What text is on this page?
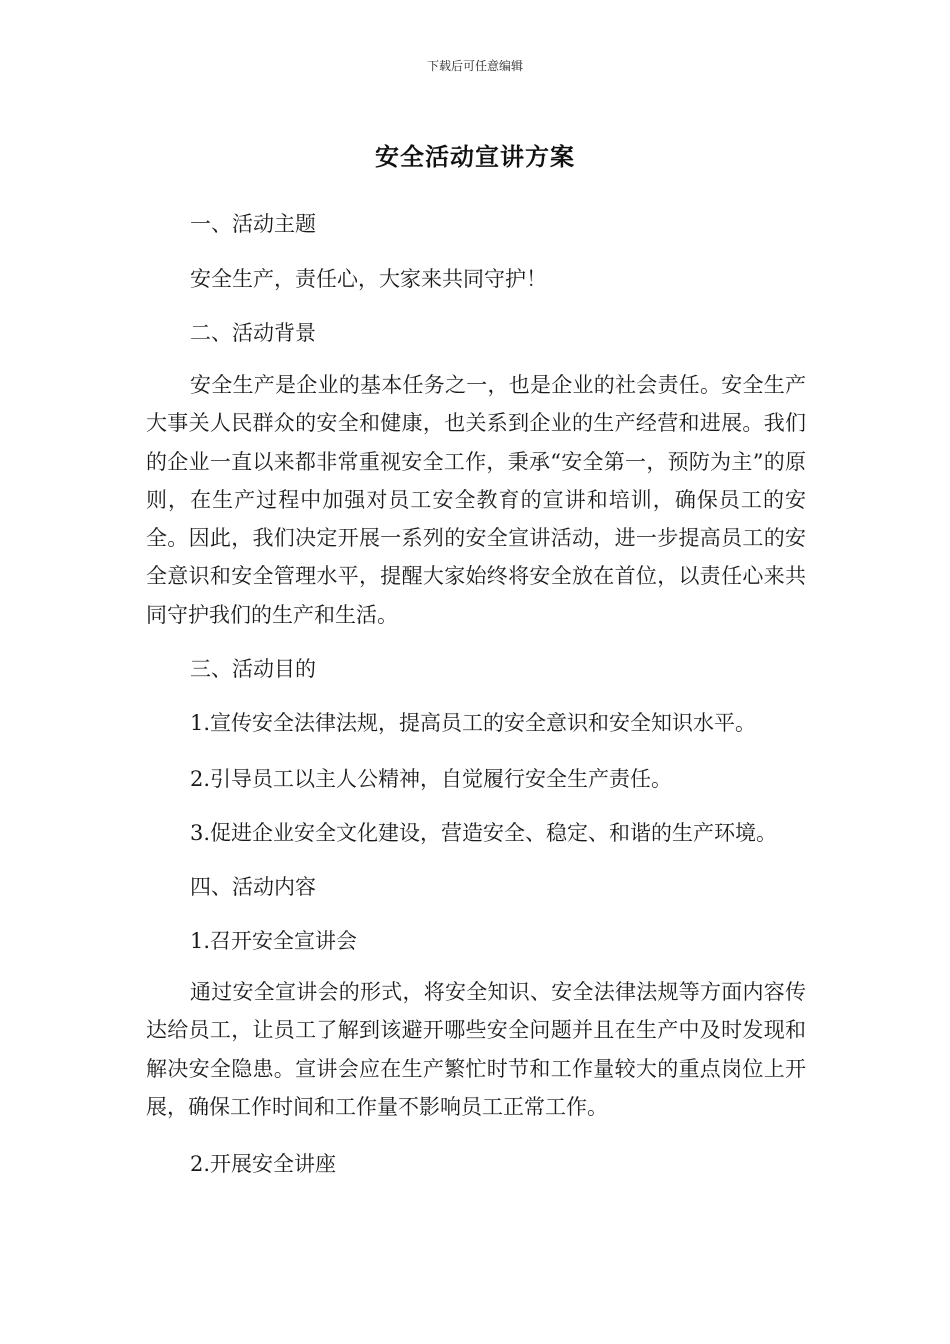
下载后可任意编辑
安全活动宣讲方案
一、活动主题
安全生产，责任心，大家来共同守护！
二、活动背景
安全生产是企业的基本任务之一，也是企业的社会责任。安全生产大事关人民群众的安全和健康，也关系到企业的生产经营和进展。我们的企业一直以来都非常重视安全工作，秉承“安全第一，预防为主”的原则，在生产过程中加强对员工安全教育的宣讲和培训，确保员工的安全。因此，我们决定开展一系列的安全宣讲活动，进一步提高员工的安全意识和安全管理水平，提醒大家始终将安全放在首位，以责任心来共同守护我们的生产和生活。
三、活动目的
1.宣传安全法律法规，提高员工的安全意识和安全知识水平。
2.引导员工以主人公精神，自觉履行安全生产责任。
3.促进企业安全文化建设，营造安全、稳定、和谐的生产环境。
四、活动内容
1.召开安全宣讲会
通过安全宣讲会的形式，将安全知识、安全法律法规等方面内容传达给员工，让员工了解到该避开哪些安全问题并且在生产中及时发现和解决安全隐患。宣讲会应在生产繁忙时节和工作量较大的重点岗位上开展，确保工作时间和工作量不影响员工正常工作。
2.开展安全讲座
